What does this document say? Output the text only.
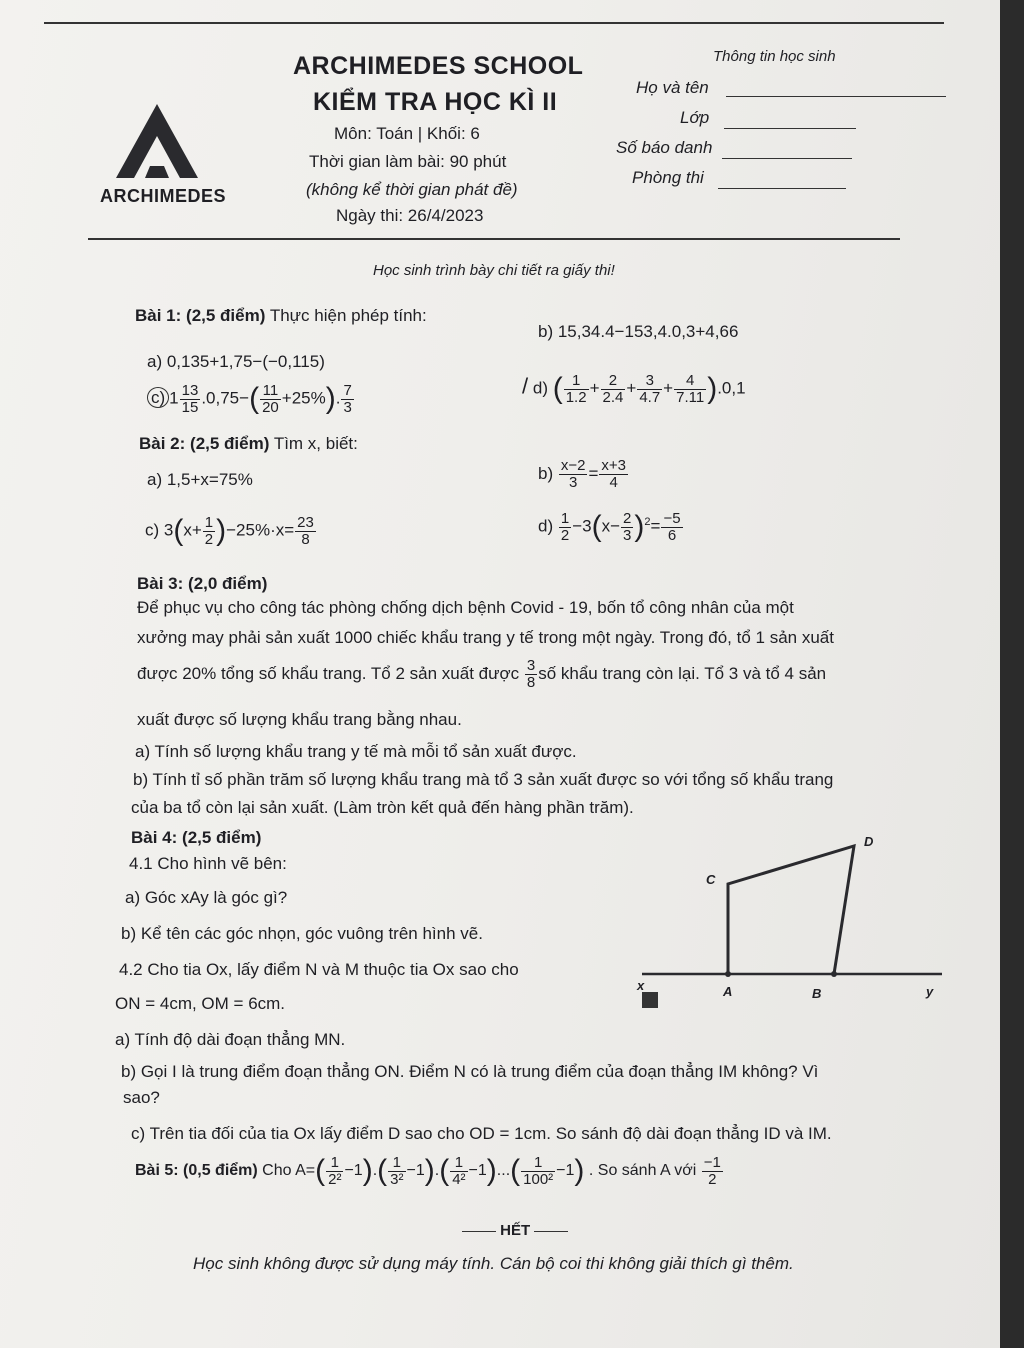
ARCHIMEDES
ARCHIMEDES SCHOOL
KIỂM TRA HỌC KÌ II
Môn: Toán | Khối: 6
Thời gian làm bài: 90 phút
(không kể thời gian phát đề)
Ngày thi: 26/4/2023
Thông tin học sinh
Họ và tên
Lớp
Số báo danh
Phòng thi
Học sinh trình bày chi tiết ra giấy thi!
Bài 1: (2,5 điểm) Thực hiện phép tính:
b) 15,34.4−153,4.0,3+4,66
a) 0,135+1,75−(−0,115)
c) $1 \frac{13}{15} .0,75-( \frac{11}{20} +25\%)$. $\frac{7}{3}$	/ d) ( $\frac{1}{1.2} + \frac{2}{2.4} + \frac{3}{4.7} + \frac{4}{7.11} ).0,1$
Bài 2: (2,5 điểm) Tìm x, biết:
a) 1,5+x=75%	$b) \frac{x-2}{3} = \frac{x+3}{4}$
c) $3(x+ \frac{1}{2} )-25\%\cdot x= \frac{23}{8}$	$d) \frac{1}{2} -3(x- \frac{2}{3} )^2= \frac{-5}{6}$
Bài 3: (2,0 điểm)
Để phục vụ cho công tác phòng chống dịch bệnh Covid - 19, bốn tổ công nhân của một
xưởng may phải sản xuất 1000 chiếc khẩu trang y tế trong một ngày. Trong đó, tổ 1 sản xuất
được 20% tổng số khẩu trang. Tổ 2 sản xuất được $\frac{3}{8}$ số khẩu trang còn lại. Tổ 3 và tổ 4 sản
xuất được số lượng khẩu trang bằng nhau.
a) Tính số lượng khẩu trang y tế mà mỗi tổ sản xuất được.
b) Tính tỉ số phần trăm số lượng khẩu trang mà tổ 3 sản xuất được so với tổng số khẩu trang
của ba tổ còn lại sản xuất. (Làm tròn kết quả đến hàng phần trăm).
Bài 4: (2,5 điểm)
4.1 Cho hình vẽ bên:
a) Góc xAy là góc gì?
b) Kể tên các góc nhọn, góc vuông trên hình vẽ.
4.2 Cho tia Ox, lấy điểm N và M thuộc tia Ox sao cho
ON = 4cm, OM = 6cm.
a) Tính độ dài đoạn thẳng MN.
b) Gọi I là trung điểm đoạn thẳng ON. Điểm N có là trung điểm của đoạn thẳng IM không? Vì
sao?
c) Trên tia đối của tia Ox lấy điểm D sao cho OD = 1cm. So sánh độ dài đoạn thẳng ID và IM.
x	A	B	y
C
D
Bài 5: (0,5 điểm) Cho $A=( \frac{1}{\text{2²}} -1).( \frac{1}{\text{3²}} -1).( \frac{1}{\text{4²}} -1)...( \frac{1}{\text{100²}} -1)$ . So sánh A với $\frac{-1}{2}$
HẾT
Học sinh không được sử dụng máy tính. Cán bộ coi thi không giải thích gì thêm.
